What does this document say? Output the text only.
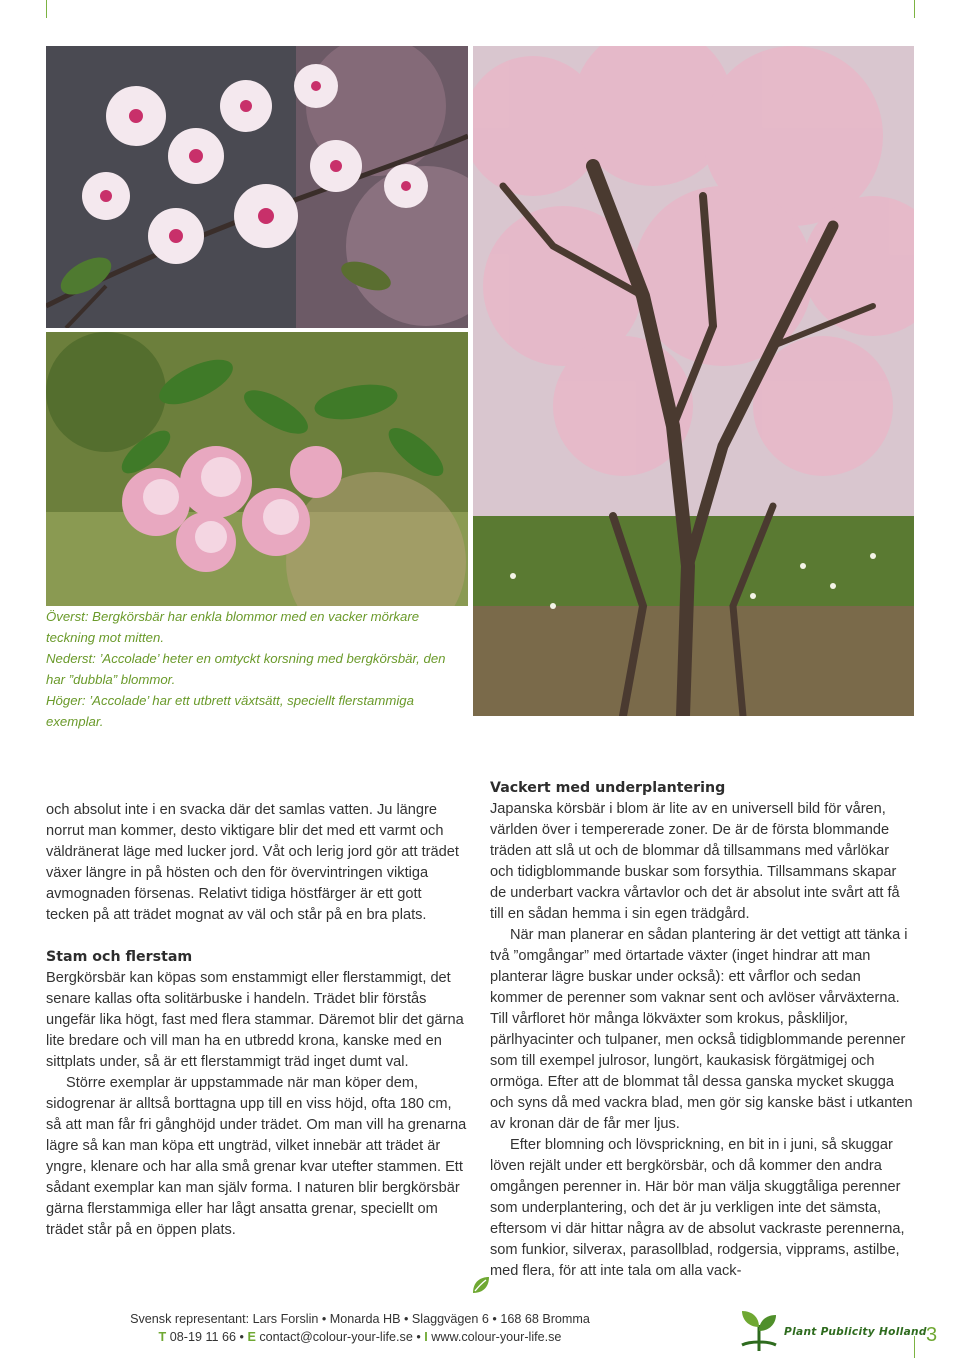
Överst: Bergkörsbär har enkla blommor med en vacker mörkare teckning mot mitten.

Nederst: ’Accolade’ heter en omtyckt korsning med bergkörsbär, den har ”dubbla” blommor.

Höger: ’Accolade’ har ett utbrett växtsätt, speciellt flerstammiga exemplar.

och absolut inte i en svacka där det samlas vatten. Ju längre norrut man kommer, desto viktigare blir det med ett varmt och väldränerat läge med lucker jord. Våt och lerig jord gör att trädet växer längre in på hösten och den för övervintringen viktiga avmognaden försenas. Relativt tidiga höstfärger är ett gott tecken på att trädet mognat av väl och står på en bra plats.

Stam och flerstam

Bergkörsbär kan köpas som enstammigt eller flerstammigt, det senare kallas ofta solitärbuske i handeln. Trädet blir förstås ungefär lika högt, fast med flera stammar. Däremot blir det gärna lite bredare och vill man ha en utbredd krona, kanske med en sittplats under, så är ett flerstammigt träd inget dumt val.

Större exemplar är uppstammade när man köper dem, sidogrenar är alltså borttagna upp till en viss höjd, ofta 180 cm, så att man får fri gånghöjd under trädet. Om man vill ha grenarna lägre så kan man köpa ett ungträd, vilket innebär att trädet är yngre, klenare och har alla små grenar kvar utefter stammen. Ett sådant exemplar kan man själv forma. I naturen blir bergkörsbär gärna flerstammiga eller har lågt ansatta grenar, speciellt om trädet står på en öppen plats.

Vackert med underplantering

Japanska körsbär i blom är lite av en universell bild för våren, världen över i tempererade zoner. De är de första blommande träden att slå ut och de blommar då tillsammans med vårlökar och tidigblommande buskar som forsythia. Tillsammans skapar de underbart vackra vårtavlor och det är absolut inte svårt att få till en sådan hemma i sin egen trädgård.

När man planerar en sådan plantering är det vettigt att tänka i två ”omgångar” med örtartade växter (inget hindrar att man planterar lägre buskar under också): ett vårflor och sedan kommer de perenner som vaknar sent och avlöser vårväxterna. Till vårfloret hör många lökväxter som krokus, påskliljor, pärlhyacinter och tulpaner, men också tidigblommande perenner som till exempel julrosor, lungört, kaukasisk förgätmigej och ormöga. Efter att de blommat tål dessa ganska mycket skugga och syns då med vackra blad, men gör sig kanske bäst i utkanten av kronan där de får mer ljus.

Efter blomning och lövsprickning, en bit in i juni, så skuggar löven rejält under ett bergkörsbär, och då kommer den andra omgången perenner in. Här bör man välja skuggtåliga perenner som underplantering, och det är ju verkligen inte det sämsta, eftersom vi där hittar några av de absolut vackraste perennerna, som funkior, silverax, parasollblad, rodgersia, vipprams, astilbe, med flera, för att inte tala om alla vack-

Svensk representant: Lars Forslin • Monarda HB • Slaggvägen 6 • 168 68 Bromma
T 08-19 11 66 • E contact@colour-your-life.se • I www.colour-your-life.se	Plant Publicity Holland 3
